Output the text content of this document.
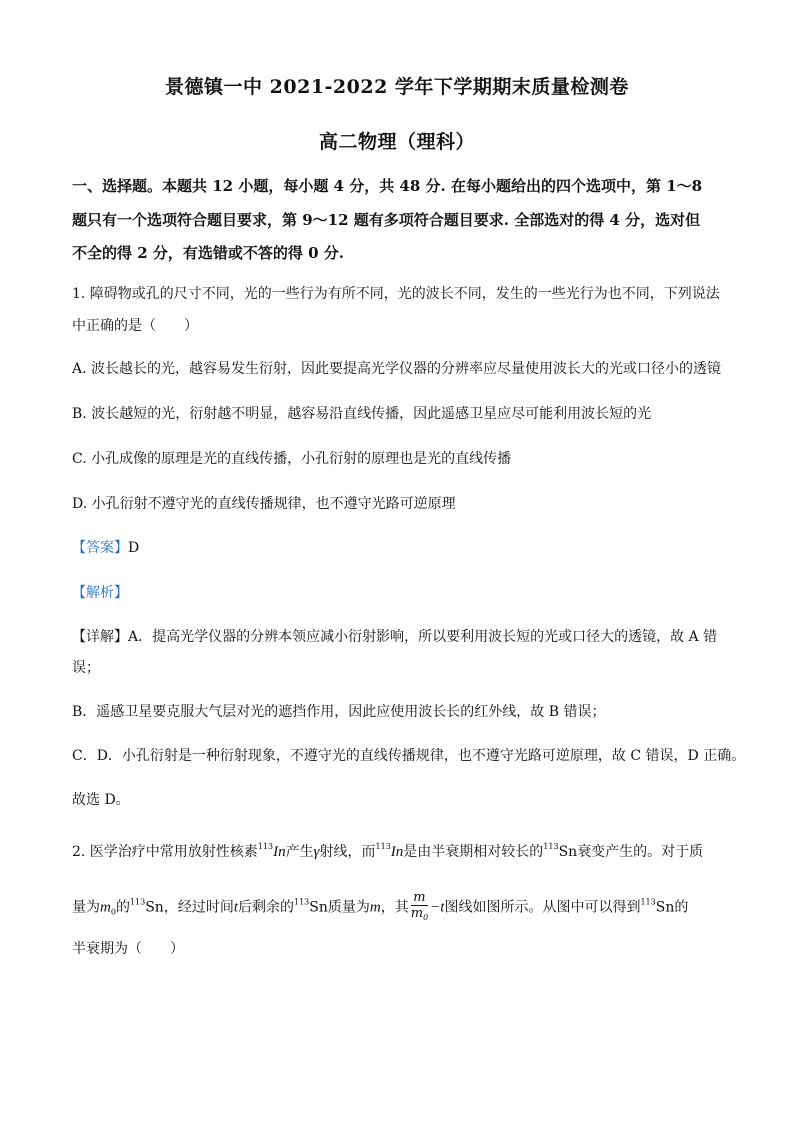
景德镇一中 2021-2022 学年下学期期末质量检测卷
高二物理（理科）
一、选择题。本题共 12 小题，每小题 4 分，共 48 分. 在每小题给出的四个选项中，第 1～8
题只有一个选项符合题目要求，第 9～12 题有多项符合题目要求. 全部选对的得 4 分，选对但
不全的得 2 分，有选错或不答的得 0 分.
1. 障碍物或孔的尺寸不同，光的一些行为有所不同，光的波长不同，发生的一些光行为也不同，下列说法
中正确的是（　　）
A. 波长越长的光，越容易发生衍射，因此要提高光学仪器的分辨率应尽量使用波长大的光或口径小的透镜
B. 波长越短的光，衍射越不明显，越容易沿直线传播，因此遥感卫星应尽可能利用波长短的光
C. 小孔成像的原理是光的直线传播，小孔衍射的原理也是光的直线传播
D. 小孔衍射不遵守光的直线传播规律，也不遵守光路可逆原理
【答案】D
【解析】
【详解】A．提高光学仪器的分辨本领应减小衍射影响，所以要利用波长短的光或口径大的透镜，故 A 错
误；
B．遥感卫星要克服大气层对光的遮挡作用，因此应使用波长长的红外线，故 B 错误；
C．D．小孔衍射是一种衍射现象，不遵守光的直线传播规律，也不遵守光路可逆原理，故 C 错误，D 正确。
故选 D。
2. 医学治疗中常用放射性核素$^{113}$In产生γ射线，而$^{113}$In是由半衰期相对较长的$^{113}$Sn衰变产生的。对于质
量为$m_0$的$^{113}$Sn，经过时间t后剩余的$^{113}$Sn质量为m，其 $\frac{m}{m_0} -t$图线如图所示。从图中可以得到$^{113}$Sn的
半衰期为（　　）
